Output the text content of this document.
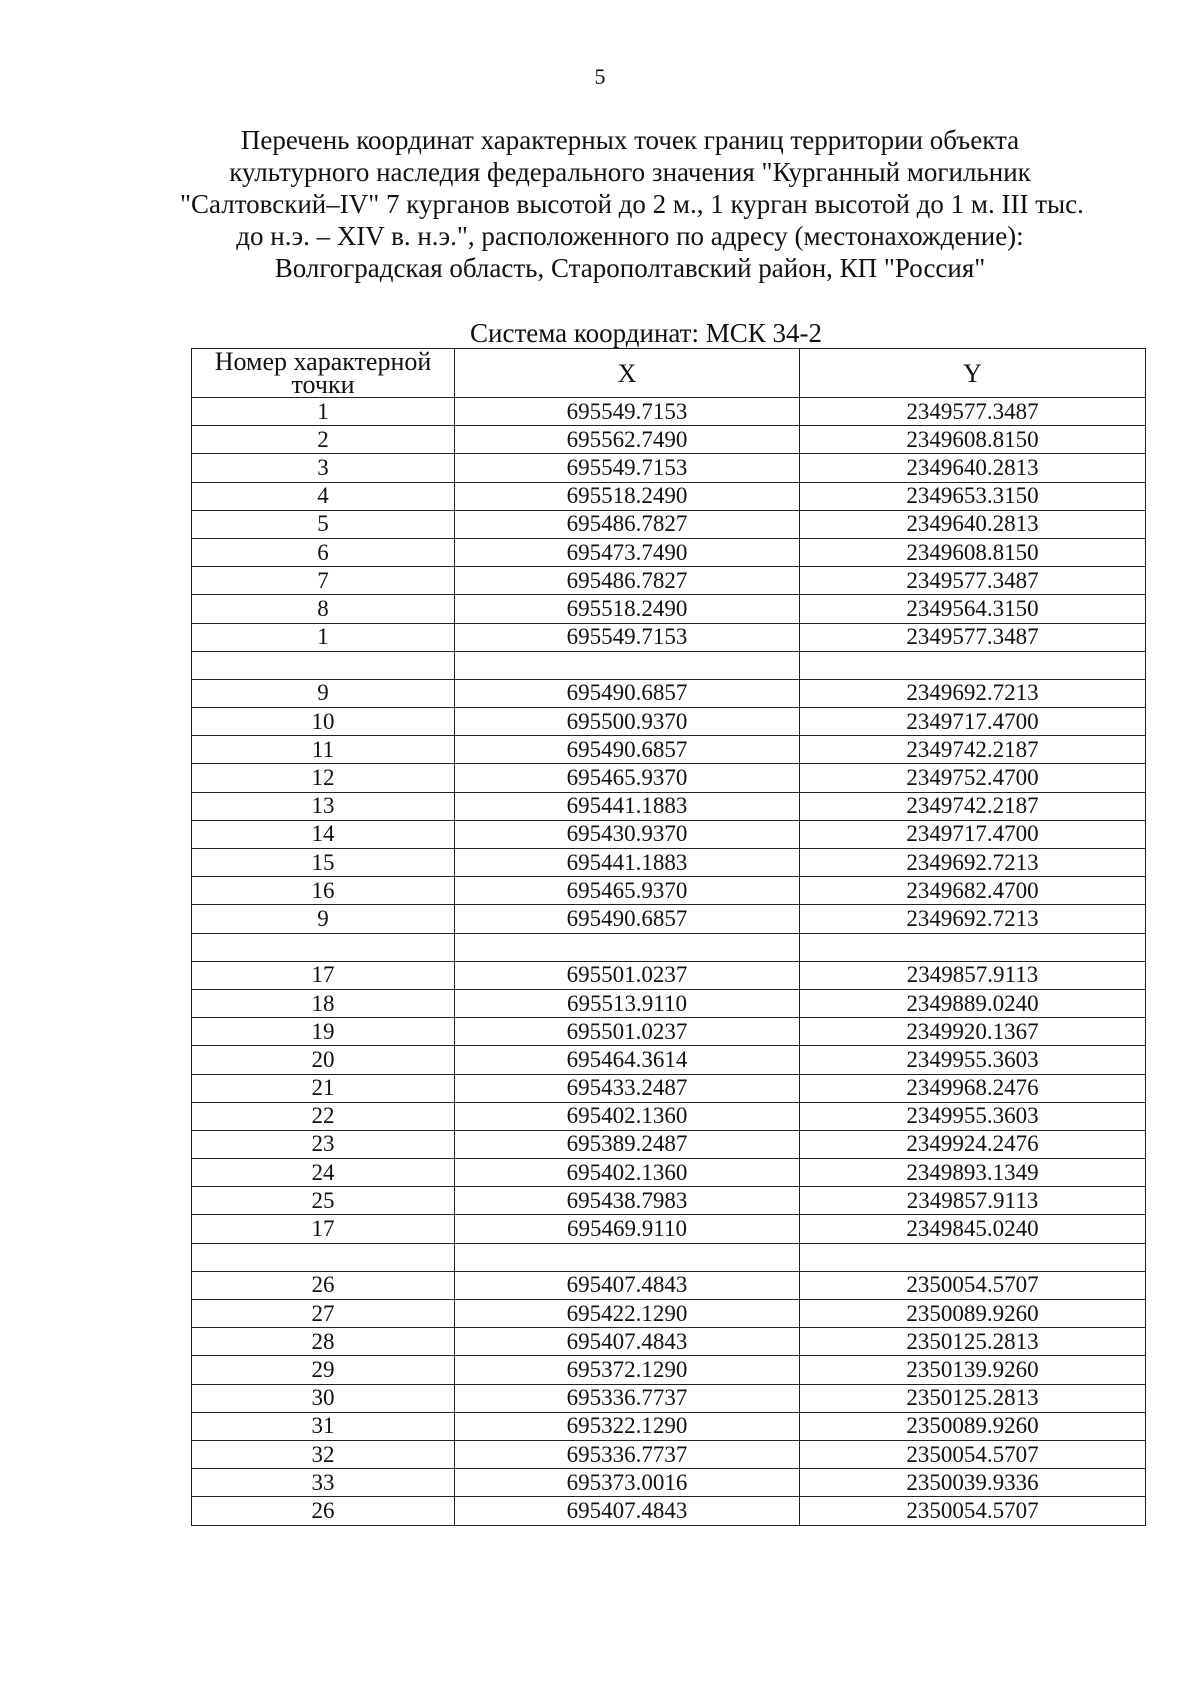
5
Перечень координат характерных точек границ территории объекта
культурного наследия федерального значения "Курганный могильник
"Салтовский–IV" 7 курганов высотой до 2 м., 1 курган высотой до 1 м. III тыс.
до н.э. – XIV в. н.э.", расположенного по адресу (местонахождение):
Волгоградская область, Старополтавский район, КП "Россия"
Система координат: МСК 34-2
Номер характерной точки	X	Y
1	695549.7153	2349577.3487
2	695562.7490	2349608.8150
3	695549.7153	2349640.2813
4	695518.2490	2349653.3150
5	695486.7827	2349640.2813
6	695473.7490	2349608.8150
7	695486.7827	2349577.3487
8	695518.2490	2349564.3150
1	695549.7153	2349577.3487

9	695490.6857	2349692.7213
10	695500.9370	2349717.4700
11	695490.6857	2349742.2187
12	695465.9370	2349752.4700
13	695441.1883	2349742.2187
14	695430.9370	2349717.4700
15	695441.1883	2349692.7213
16	695465.9370	2349682.4700
9	695490.6857	2349692.7213

17	695501.0237	2349857.9113
18	695513.9110	2349889.0240
19	695501.0237	2349920.1367
20	695464.3614	2349955.3603
21	695433.2487	2349968.2476
22	695402.1360	2349955.3603
23	695389.2487	2349924.2476
24	695402.1360	2349893.1349
25	695438.7983	2349857.9113
17	695469.9110	2349845.0240

26	695407.4843	2350054.5707
27	695422.1290	2350089.9260
28	695407.4843	2350125.2813
29	695372.1290	2350139.9260
30	695336.7737	2350125.2813
31	695322.1290	2350089.9260
32	695336.7737	2350054.5707
33	695373.0016	2350039.9336
26	695407.4843	2350054.5707
